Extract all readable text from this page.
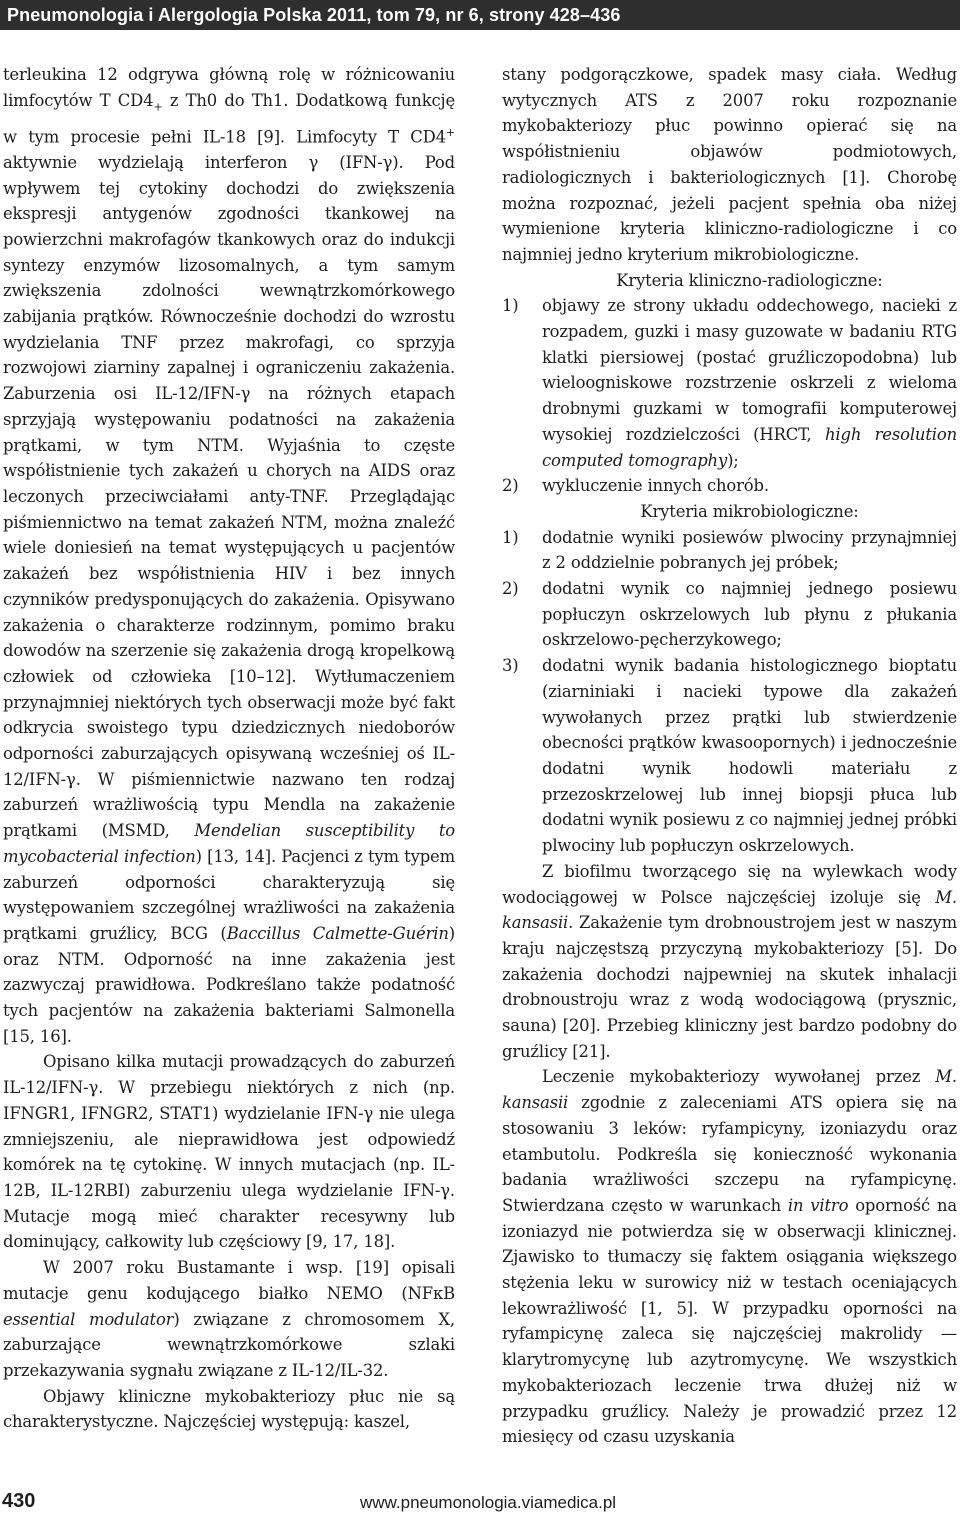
Pneumonologia i Alergologia Polska 2011, tom 79, nr 6, strony 428–436

terleukina 12 odgrywa główną rolę w różnicowaniu limfocytów T $CD4_+$ z Th0 do Th1. Dodatkową funkcję w tym procesie pełni IL-18 [9]. Limfocyty T CD4+ aktywnie wydzielają interferon γ (IFN-γ). Pod wpływem tej cytokiny dochodzi do zwiększenia ekspresji antygenów zgodności tkankowej na powierzchni makrofagów tkankowych oraz do indukcji syntezy enzymów lizosomalnych, a tym samym zwiększenia zdolności wewnątrzkomórkowego zabijania prątków. Równocześnie dochodzi do wzrostu wydzielania TNF przez makrofagi, co sprzyja rozwojowi ziarniny zapalnej i ograniczeniu zakażenia. Zaburzenia osi IL-12/IFN-γ na różnych etapach sprzyjają występowaniu podatności na zakażenia prątkami, w tym NTM. Wyjaśnia to częste współistnienie tych zakażeń u chorych na AIDS oraz leczonych przeciwciałami anty-TNF. Przeglądając piśmiennictwo na temat zakażeń NTM, można znaleźć wiele doniesień na temat występujących u pacjentów zakażeń bez współistnienia HIV i bez innych czynników predysponujących do zakażenia. Opisywano zakażenia o charakterze rodzinnym, pomimo braku dowodów na szerzenie się zakażenia drogą kropelkową człowiek od człowieka [10–12]. Wytłumaczeniem przynajmniej niektórych tych obserwacji może być fakt odkrycia swoistego typu dziedzicznych niedoborów odporności zaburzających opisywaną wcześniej oś IL-12/IFN-γ. W piśmiennictwie nazwano ten rodzaj zaburzeń wrażliwością typu Mendla na zakażenie prątkami (MSMD, Mendelian susceptibility to mycobacterial infection) [13, 14]. Pacjenci z tym typem zaburzeń odporności charakteryzują się występowaniem szczególnej wrażliwości na zakażenia prątkami gruźlicy, BCG (Baccillus Calmette-Guérin) oraz NTM. Odporność na inne zakażenia jest zazwyczaj prawidłowa. Podkreślano także podatność tych pacjentów na zakażenia bakteriami Salmonella [15, 16].

Opisano kilka mutacji prowadzących do zaburzeń IL-12/IFN-γ. W przebiegu niektórych z nich (np. IFNGR1, IFNGR2, STAT1) wydzielanie IFN-γ nie ulega zmniejszeniu, ale nieprawidłowa jest odpowiedź komórek na tę cytokinę. W innych mutacjach (np. IL-12B, IL-12RBI) zaburzeniu ulega wydzielanie IFN-γ. Mutacje mogą mieć charakter recesywny lub dominujący, całkowity lub częściowy [9, 17, 18].

W 2007 roku Bustamante i wsp. [19] opisali mutacje genu kodującego białko NEMO (NFκB essential modulator) związane z chromosomem X, zaburzające wewnątrzkomórkowe szlaki przekazywania sygnału związane z IL-12/IL-32.

Objawy kliniczne mykobakteriozy płuc nie są charakterystyczne. Najczęściej występują: kaszel,

stany podgorączkowe, spadek masy ciała. Według wytycznych ATS z 2007 roku rozpoznanie mykobakteriozy płuc powinno opierać się na współistnieniu objawów podmiotowych, radiologicznych i bakteriologicznych [1]. Chorobę można rozpoznać, jeżeli pacjent spełnia oba niżej wymienione kryteria kliniczno-radiologiczne i co najmniej jedno kryterium mikrobiologiczne.

Kryteria kliniczno-radiologiczne:

1) objawy ze strony układu oddechowego, nacieki z rozpadem, guzki i masy guzowate w badaniu RTG klatki piersiowej (postać gruźliczopodobna) lub wieloogniskowe rozstrzenie oskrzeli z wieloma drobnymi guzkami w tomografii komputerowej wysokiej rozdzielczości (HRCT, high resolution computed tomography);
2) wykluczenie innych chorób.

Kryteria mikrobiologiczne:

1) dodatnie wyniki posiewów plwociny przynajmniej z 2 oddzielnie pobranych jej próbek;
2) dodatni wynik co najmniej jednego posiewu popłuczyn oskrzelowych lub płynu z płukania oskrzelowo-pęcherzykowego;
3) dodatni wynik badania histologicznego bioptatu (ziarniniaki i nacieki typowe dla zakażeń wywołanych przez prątki lub stwierdzenie obecności prątków kwasoopornych) i jednocześnie dodatni wynik hodowli materiału z przezoskrzelowej lub innej biopsji płuca lub dodatni wynik posiewu z co najmniej jednej próbki plwociny lub popłuczyn oskrzelowych.

Z biofilmu tworzącego się na wylewkach wody wodociągowej w Polsce najczęściej izoluje się M. kansasii. Zakażenie tym drobnoustrojem jest w naszym kraju najczęstszą przyczyną mykobakteriozy [5]. Do zakażenia dochodzi najpewniej na skutek inhalacji drobnoustroju wraz z wodą wodociągową (prysznic, sauna) [20]. Przebieg kliniczny jest bardzo podobny do gruźlicy [21].

Leczenie mykobakteriozy wywołanej przez M. kansasii zgodnie z zaleceniami ATS opiera się na stosowaniu 3 leków: ryfampicyny, izoniazydu oraz etambutolu. Podkreśla się konieczność wykonania badania wrażliwości szczepu na ryfampicynę. Stwierdzana często w warunkach in vitro oporność na izoniazyd nie potwierdza się w obserwacji klinicznej. Zjawisko to tłumaczy się faktem osiągania większego stężenia leku w surowicy niż w testach oceniających lekowrażliwość [1, 5]. W przypadku oporności na ryfampicynę zaleca się najczęściej makrolidy — klarytromycynę lub azytromycynę. We wszystkich mykobakteriozach leczenie trwa dłużej niż w przypadku gruźlicy. Należy je prowadzić przez 12 miesięcy od czasu uzyskania

430	www.pneumonologia.viamedica.pl
